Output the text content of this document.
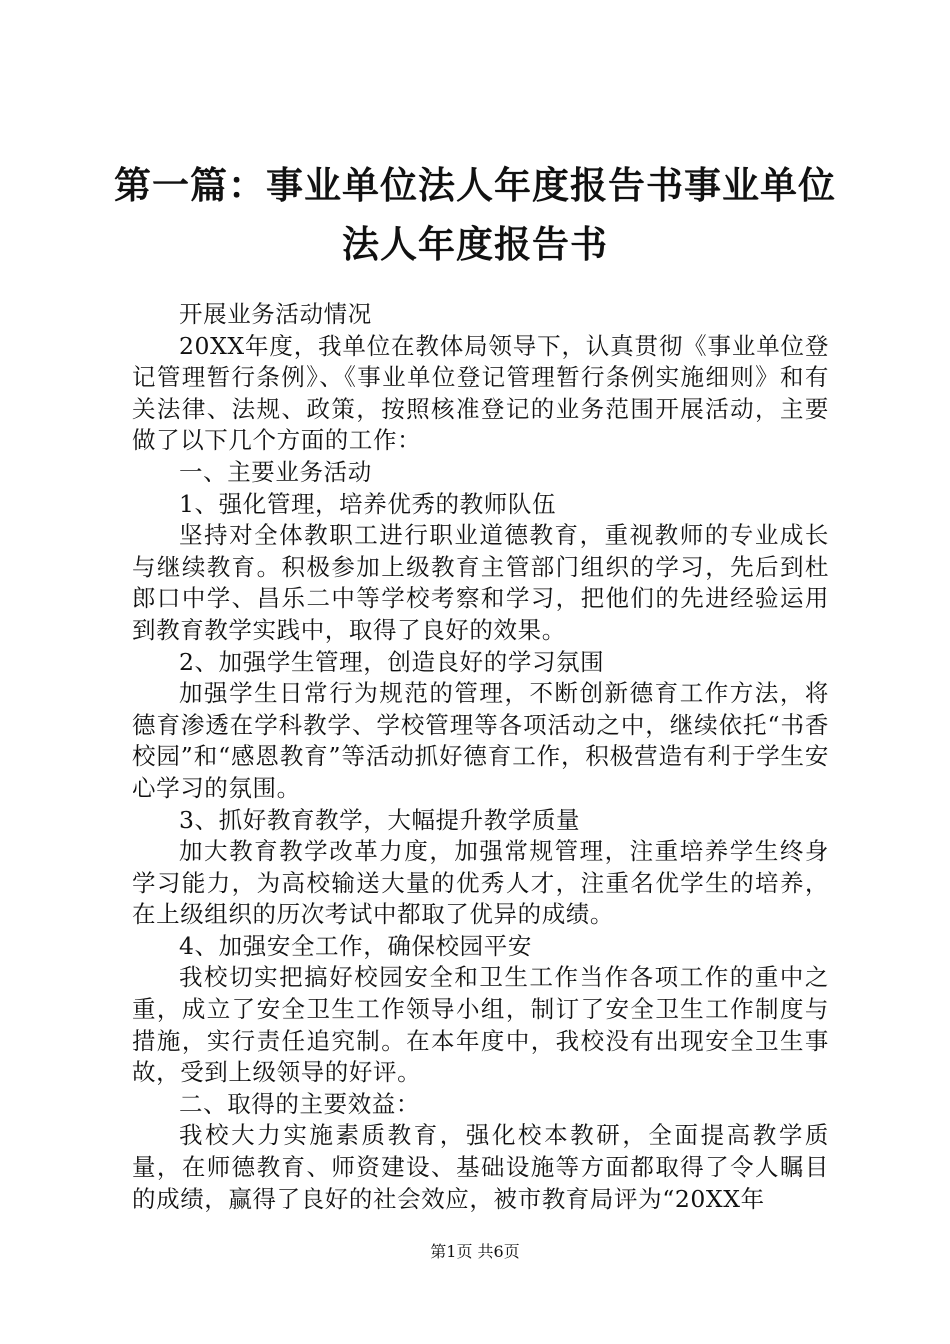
第一篇：事业单位法人年度报告书事业单位法人年度报告书

开展业务活动情况

20XX年度，我单位在教体局领导下，认真贯彻《事业单位登记管理暂行条例》、《事业单位登记管理暂行条例实施细则》和有关法律、法规、政策，按照核准登记的业务范围开展活动，主要做了以下几个方面的工作：

一、主要业务活动

1、强化管理，培养优秀的教师队伍

坚持对全体教职工进行职业道德教育，重视教师的专业成长与继续教育。积极参加上级教育主管部门组织的学习，先后到杜郎口中学、昌乐二中等学校考察和学习，把他们的先进经验运用到教育教学实践中，取得了良好的效果。

2、加强学生管理，创造良好的学习氛围

加强学生日常行为规范的管理，不断创新德育工作方法，将德育渗透在学科教学、学校管理等各项活动之中，继续依托“书香校园”和“感恩教育”等活动抓好德育工作，积极营造有利于学生安心学习的氛围。

3、抓好教育教学，大幅提升教学质量

加大教育教学改革力度，加强常规管理，注重培养学生终身学习能力，为高校输送大量的优秀人才，注重名优学生的培养，在上级组织的历次考试中都取了优异的成绩。

4、加强安全工作，确保校园平安

我校切实把搞好校园安全和卫生工作当作各项工作的重中之重，成立了安全卫生工作领导小组，制订了安全卫生工作制度与措施，实行责任追究制。在本年度中，我校没有出现安全卫生事故，受到上级领导的好评。

二、取得的主要效益：

我校大力实施素质教育，强化校本教研，全面提高教学质量，在师德教育、师资建设、基础设施等方面都取得了令人瞩目的成绩，赢得了良好的社会效应，被市教育局评为“20XX年

第1页 共6页
